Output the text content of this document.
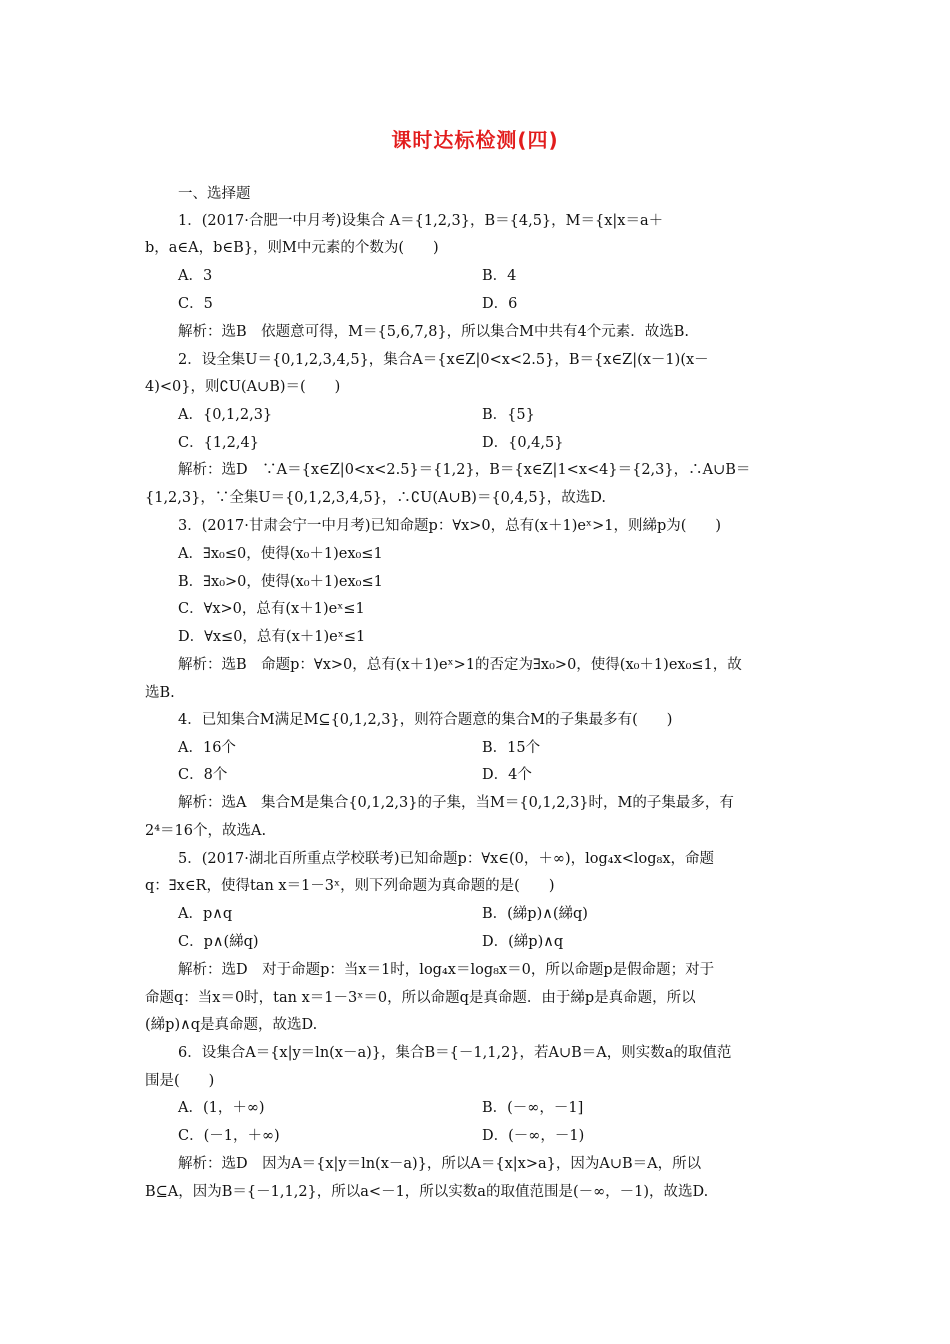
课时达标检测(四)
一、选择题
1．(2017·合肥一中月考)设集合 A＝{1,2,3}，B＝{4,5}，M＝{x|x＝a＋
b，a∈A，b∈B}，则M中元素的个数为(　　)
A．3	B．4
C．5	D．6
解析：选B　依题意可得，M＝{5,6,7,8}，所以集合M中共有4个元素．故选B.
2．设全集U＝{0,1,2,3,4,5}，集合A＝{x∈Z|0<x<2.5}，B＝{x∈Z|(x－1)(x－
4)<0}，则∁U(A∪B)＝(　　)
A．{0,1,2,3}	B．{5}
C．{1,2,4}	D．{0,4,5}
解析：选D　∵A＝{x∈Z|0<x<2.5}＝{1,2}，B＝{x∈Z|1<x<4}＝{2,3}，∴A∪B＝
{1,2,3}，∵全集U＝{0,1,2,3,4,5}，∴∁U(A∪B)＝{0,4,5}，故选D.
3．(2017·甘肃会宁一中月考)已知命题p：∀x>0，总有(x＋1)eˣ>1，则綈p为(　　)
A．∃x₀≤0，使得(x₀＋1)ex₀≤1
B．∃x₀>0，使得(x₀＋1)ex₀≤1
C．∀x>0，总有(x＋1)eˣ≤1
D．∀x≤0，总有(x＋1)eˣ≤1
解析：选B　命题p：∀x>0，总有(x＋1)eˣ>1的否定为∃x₀>0，使得(x₀＋1)ex₀≤1，故
选B.
4．已知集合M满足M⊆{0,1,2,3}，则符合题意的集合M的子集最多有(　　)
A．16个	B．15个
C．8个	D．4个
解析：选A　集合M是集合{0,1,2,3}的子集，当M＝{0,1,2,3}时，M的子集最多，有
2⁴＝16个，故选A.
5．(2017·湖北百所重点学校联考)已知命题p：∀x∈(0，＋∞)，log₄x<log₈x，命题
q：∃x∈R，使得tan x＝1－3ˣ，则下列命题为真命题的是(　　)
A．p∧q	B．(綈p)∧(綈q)
C．p∧(綈q)	D．(綈p)∧q
解析：选D　对于命题p：当x＝1时，log₄x＝log₈x＝0，所以命题p是假命题；对于
命题q：当x＝0时，tan x＝1－3ˣ＝0，所以命题q是真命题．由于綈p是真命题，所以
(綈p)∧q是真命题，故选D.
6．设集合A＝{x|y＝ln(x－a)}，集合B＝{－1,1,2}，若A∪B＝A，则实数a的取值范
围是(　　)
A．(1，＋∞)	B．(－∞，－1]
C．(－1，＋∞)	D．(－∞，－1)
解析：选D　因为A＝{x|y＝ln(x－a)}，所以A＝{x|x>a}，因为A∪B＝A，所以
B⊆A，因为B＝{－1,1,2}，所以a<－1，所以实数a的取值范围是(－∞，－1)，故选D.
